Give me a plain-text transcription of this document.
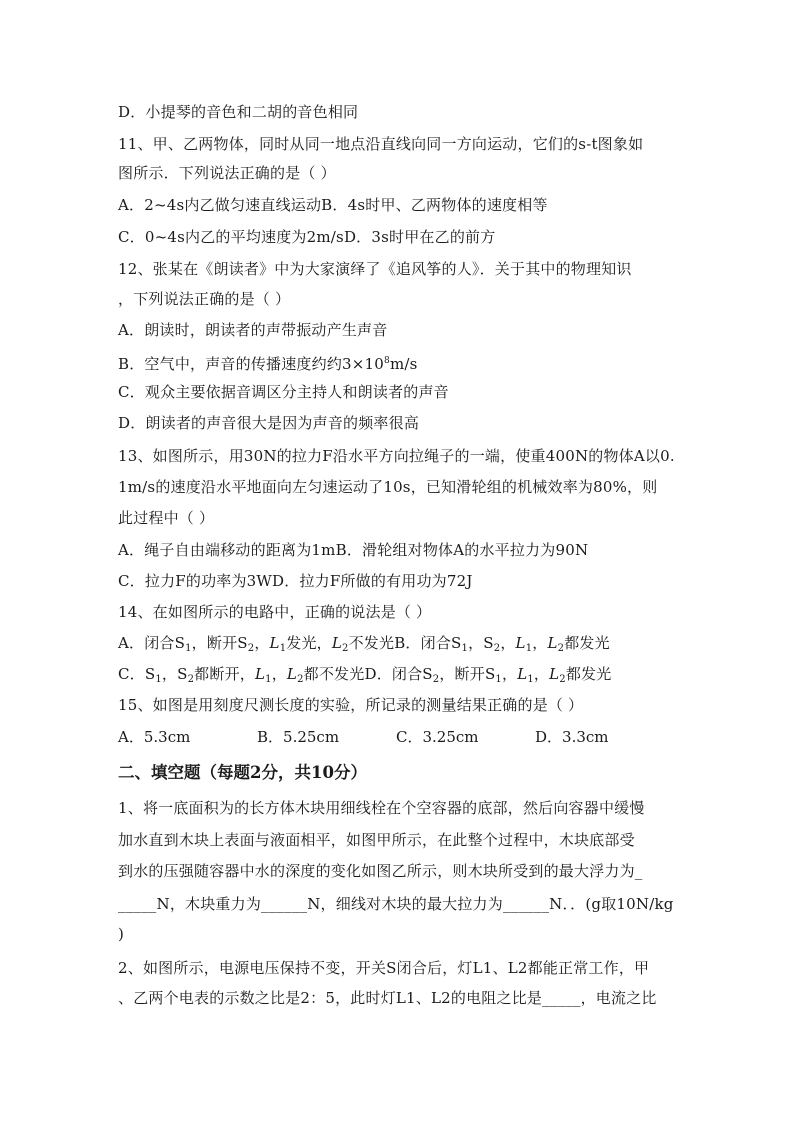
D．小提琴的音色和二胡的音色相同
11、甲、乙两物体，同时从同一地点沿直线向同一方向运动，它们的s-t图象如
图所示．下列说法正确的是（ ）
A．2~4s内乙做匀速直线运动B．4s时甲、乙两物体的速度相等
C．0~4s内乙的平均速度为2m/sD．3s时甲在乙的前方
12、张某在《朗读者》中为大家演绎了《追风筝的人》．关于其中的物理知识
，下列说法正确的是（ ）
A．朗读时，朗读者的声带振动产生声音
B．空气中，声音的传播速度约约$3\times 10^8m/s$
C．观众主要依据音调区分主持人和朗读者的声音
D．朗读者的声音很大是因为声音的频率很高
13、如图所示，用30N的拉力F沿水平方向拉绳子的一端，使重400N的物体A以0.
1m/s的速度沿水平地面向左匀速运动了10s，已知滑轮组的机械效率为80%，则
此过程中（ ）
A．绳子自由端移动的距离为1mB．滑轮组对物体A的水平拉力为90N
C．拉力F的功率为3WD．拉力F所做的有用功为72J
14、在如图所示的电路中，正确的说法是（ ）
A．闭合$S_1$，断开$S_2$，$L_1$发光，$L_2$不发光B．闭合$S_1$，$S_2$，$L_1$，$L_2$都发光
C．$S_1$，$S_2$都断开，$L_1$，$L_2$都不发光D．闭合$S_2$，断开$S_1$，$L_1$，$L_2$都发光
15、如图是用刻度尺测长度的实验，所记录的测量结果正确的是（ ）
A．5.3cm	B．5.25cm	C．3.25cm	D．3.3cm
二、填空题（每题2分，共10分）
1、将一底面积为的长方体木块用细线栓在个空容器的底部，然后向容器中缓慢
加水直到木块上表面与液面相平，如图甲所示，在此整个过程中，木块底部受
到水的压强随容器中水的深度的变化如图乙所示，则木块所受到的最大浮力为_
_____N，木块重力为______N，细线对木块的最大拉力为______N．．(g取10N/kg
)
2、如图所示，电源电压保持不变，开关S闭合后，灯L1、L2都能正常工作，甲
、乙两个电表的示数之比是2：5，此时灯L1、L2的电阻之比是_____，电流之比
